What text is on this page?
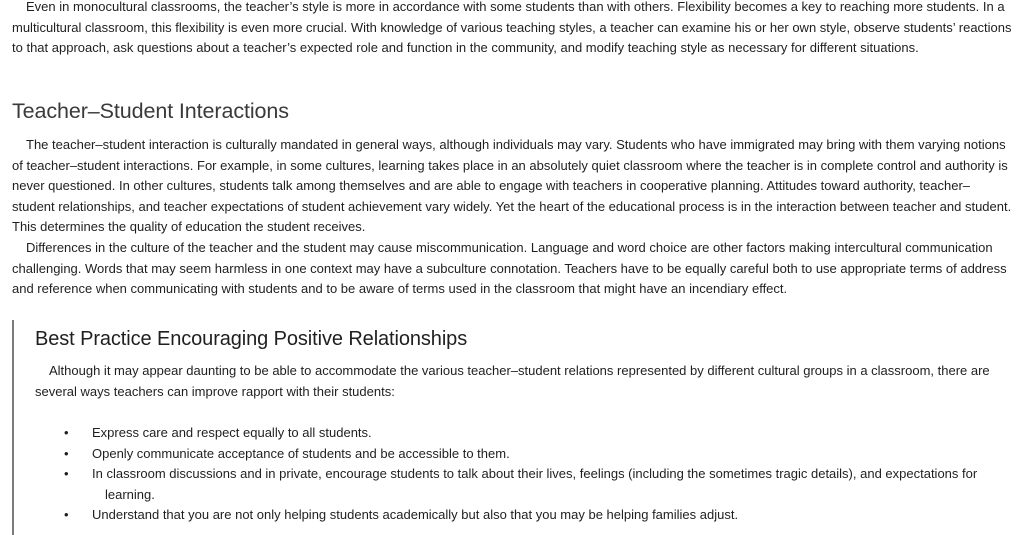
Even in monocultural classrooms, the teacher’s style is more in accordance with some students than with others. Flexibility becomes a key to reaching more students. In a multicultural classroom, this flexibility is even more crucial. With knowledge of various teaching styles, a teacher can examine his or her own style, observe students’ reactions to that approach, ask questions about a teacher’s expected role and function in the community, and modify teaching style as necessary for different situations.

Teacher–Student Interactions

The teacher–student interaction is culturally mandated in general ways, although individuals may vary. Students who have immigrated may bring with them varying notions of teacher–student interactions. For example, in some cultures, learning takes place in an absolutely quiet classroom where the teacher is in complete control and authority is never questioned. In other cultures, students talk among themselves and are able to engage with teachers in cooperative planning. Attitudes toward authority, teacher–student relationships, and teacher expectations of student achievement vary widely. Yet the heart of the educational process is in the interaction between teacher and student. This determines the quality of education the student receives.

Differences in the culture of the teacher and the student may cause miscommunication. Language and word choice are other factors making intercultural communication challenging. Words that may seem harmless in one context may have a subculture connotation. Teachers have to be equally careful both to use appropriate terms of address and reference when communicating with students and to be aware of terms used in the classroom that might have an incendiary effect.

Best Practice Encouraging Positive Relationships

Although it may appear daunting to be able to accommodate the various teacher–student relations represented by different cultural groups in a classroom, there are several ways teachers can improve rapport with their students:

• Express care and respect equally to all students.
• Openly communicate acceptance of students and be accessible to them.
• In classroom discussions and in private, encourage students to talk about their lives, feelings (including the sometimes tragic details), and expectations for learning.
• Understand that you are not only helping students academically but also that you may be helping families adjust.
